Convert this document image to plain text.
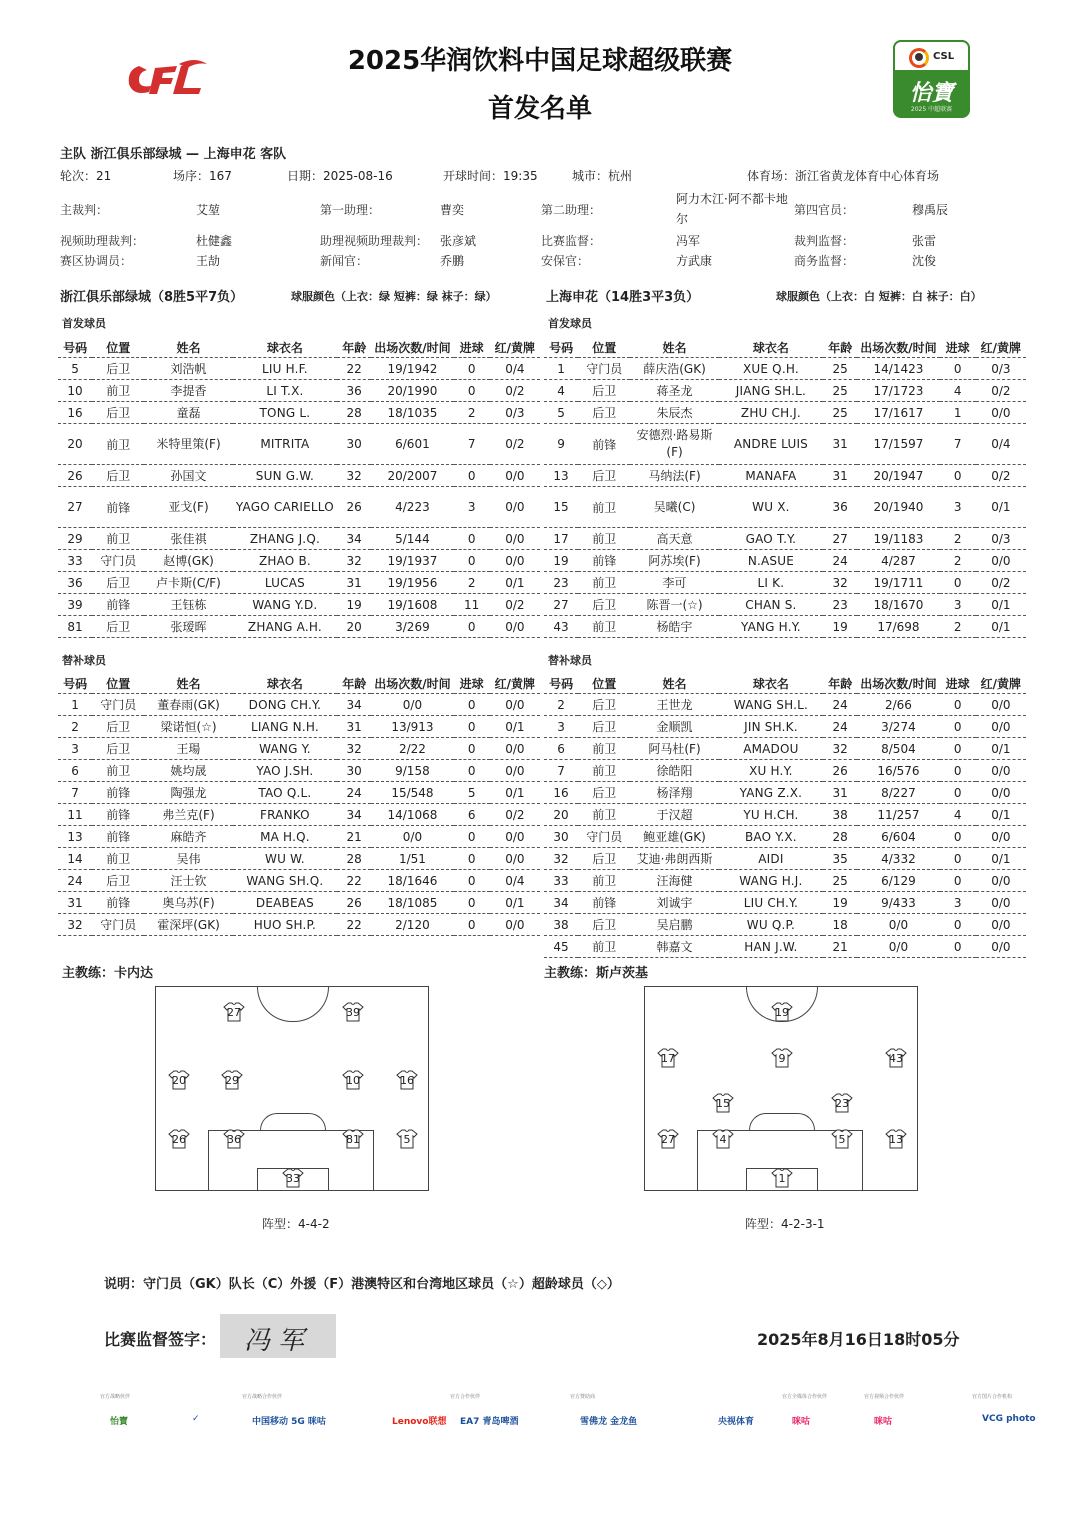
CSL
怡寶
2025 中超联赛
2025华润饮料中国足球超级联赛
首发名单
主队 浙江俱乐部绿城 — 上海申花 客队
轮次：21	场序：167	日期：2025-08-16	开球时间：19:35	城市：杭州	体育场：浙江省黄龙体育中心体育场
主裁判：	艾堃	第一助理：	曹奕	第二助理：
阿力木江·阿不都卡地
尔
第四官员：	穆禹辰
视频助理裁判：	杜健鑫	助理视频助理裁判： 张彦斌	比赛监督：	冯军	裁判监督：	张雷
赛区协调员：	王劼	新闻官：	乔鹏	安保官：	方武康	商务监督：	沈俊
浙江俱乐部绿城（8胜5平7负）	球服颜色（上衣：绿 短裤：绿 袜子：绿）	上海申花（14胜3平3负）	球服颜色（上衣：白 短裤：白 袜子：白）
首发球员	首发球员
号码	位置	姓名	球衣名	年龄	出场次数/时间	进球	红/黄牌
5	后卫	刘浩帆	LIU H.F.	22	19/1942	0	0/4
10	前卫	李提香	LI T.X.	36	20/1990	0	0/2
16	后卫	童磊	TONG L.	28	18/1035	2	0/3
20	前卫	米特里策(F)	MITRITA	30	6/601	7	0/2
26	后卫	孙国文	SUN G.W.	32	20/2007	0	0/0
27	前锋	亚戈(F)	YAGO CARIELLO	26	4/223	3	0/0
29	前卫	张佳祺	ZHANG J.Q.	34	5/144	0	0/0
33	守门员	赵博(GK)	ZHAO B.	32	19/1937	0	0/0
36	后卫	卢卡斯(C/F)	LUCAS	31	19/1956	2	0/1
39	前锋	王钰栋	WANG Y.D.	19	19/1608	11	0/2
81	后卫	张瑷晖	ZHANG A.H.	20	3/269	0	0/0
号码	位置	姓名	球衣名	年龄	出场次数/时间	进球	红/黄牌
1	守门员	薛庆浩(GK)	XUE Q.H.	25	14/1423	0	0/3
4	后卫	蒋圣龙	JIANG SH.L.	25	17/1723	4	0/2
5	后卫	朱辰杰	ZHU CH.J.	25	17/1617	1	0/0
9	前锋	安德烈·路易斯(F)	ANDRE LUIS	31	17/1597	7	0/4
13	后卫	马纳法(F)	MANAFA	31	20/1947	0	0/2
15	前卫	吴曦(C)	WU X.	36	20/1940	3	0/1
17	前卫	高天意	GAO T.Y.	27	19/1183	2	0/3
19	前锋	阿苏埃(F)	N.ASUE	24	4/287	2	0/0
23	前卫	李可	LI K.	32	19/1711	0	0/2
27	后卫	陈晋一(☆)	CHAN S.	23	18/1670	3	0/1
43	前卫	杨皓宇	YANG H.Y.	19	17/698	2	0/1
替补球员	替补球员
号码	位置	姓名	球衣名	年龄	出场次数/时间	进球	红/黄牌
1	守门员	董春雨(GK)	DONG CH.Y.	34	0/0	0	0/0
2	后卫	梁诺恒(☆)	LIANG N.H.	31	13/913	0	0/1
3	后卫	王瑒	WANG Y.	32	2/22	0	0/0
6	前卫	姚均晟	YAO J.SH.	30	9/158	0	0/0
7	前锋	陶强龙	TAO Q.L.	24	15/548	5	0/1
11	前锋	弗兰克(F)	FRANKO	34	14/1068	6	0/2
13	前锋	麻皓齐	MA H.Q.	21	0/0	0	0/0
14	前卫	吴伟	WU W.	28	1/51	0	0/0
24	后卫	汪士钦	WANG SH.Q.	22	18/1646	0	0/4
31	前锋	奥乌苏(F)	DEABEAS	26	18/1085	0	0/1
32	守门员	霍深坪(GK)	HUO SH.P.	22	2/120	0	0/0
号码	位置	姓名	球衣名	年龄	出场次数/时间	进球	红/黄牌
2	后卫	王世龙	WANG SH.L.	24	2/66	0	0/0
3	后卫	金顺凯	JIN SH.K.	24	3/274	0	0/0
6	前卫	阿马杜(F)	AMADOU	32	8/504	0	0/1
7	前卫	徐皓阳	XU H.Y.	26	16/576	0	0/0
16	后卫	杨泽翔	YANG Z.X.	31	8/227	0	0/0
20	前卫	于汉超	YU H.CH.	38	11/257	4	0/1
30	守门员	鲍亚雄(GK)	BAO Y.X.	28	6/604	0	0/0
32	后卫	艾迪·弗朗西斯	AIDI	35	4/332	0	0/1
33	前卫	汪海健	WANG H.J.	25	6/129	0	0/0
34	前锋	刘诚宇	LIU CH.Y.	19	9/433	3	0/0
38	后卫	吴启鹏	WU Q.P.	18	0/0	0	0/0
45	前卫	韩嘉文	HAN J.W.	21	0/0	0	0/0
主教练：卡内达	主教练：斯卢茨基
27	39
20	29	10	16
26	36	81	5
33
19
17	9	43
15	23
27	4	5	13
1
阵型：4-4-2	阵型：4-2-3-1
说明：守门员（GK）队长（C）外援（F）港澳特区和台湾地区球员（☆）超龄球员（◇）
比赛监督签字：	冯军	2025年8月16日18时05分
官方战略伙伴
怡寶	✓
官方战略合作伙伴
中国移动 5G 咪咕	Lenovo联想
官方合作伙伴
EA7 青岛啤酒
官方赞助商
雪佛龙 金龙鱼	央视体育
官方全媒体合作伙伴
咪咕
官方视频合作伙伴
咪咕
官方图片合作机构
VCG photo
